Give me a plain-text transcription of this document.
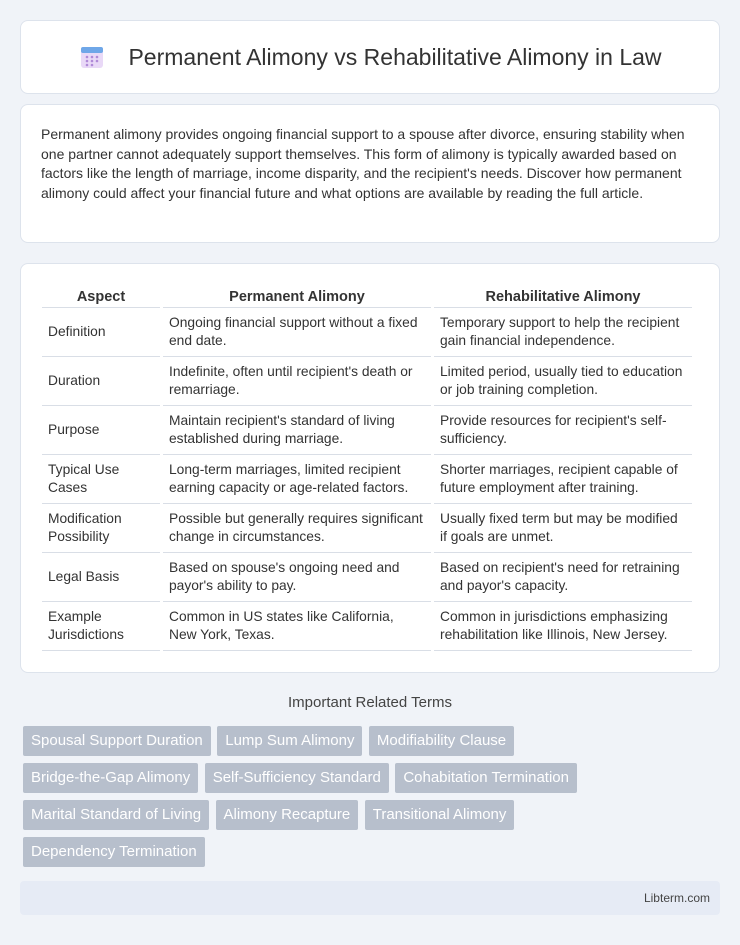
Permanent Alimony vs Rehabilitative Alimony in Law

Permanent alimony provides ongoing financial support to a spouse after divorce, ensuring stability when one partner cannot adequately support themselves. This form of alimony is typically awarded based on factors like the length of marriage, income disparity, and the recipient's needs. Discover how permanent alimony could affect your financial future and what options are available by reading the full article.

Aspect	Permanent Alimony	Rehabilitative Alimony
Definition	Ongoing financial support without a fixed end date.	Temporary support to help the recipient gain financial independence.
Duration	Indefinite, often until recipient's death or remarriage.	Limited period, usually tied to education or job training completion.
Purpose	Maintain recipient's standard of living established during marriage.	Provide resources for recipient's self-sufficiency.
Typical Use Cases	Long-term marriages, limited recipient earning capacity or age-related factors.	Shorter marriages, recipient capable of future employment after training.
Modification Possibility	Possible but generally requires significant change in circumstances.	Usually fixed term but may be modified if goals are unmet.
Legal Basis	Based on spouse's ongoing need and payor's ability to pay.	Based on recipient's need for retraining and payor's capacity.
Example Jurisdictions	Common in US states like California, New York, Texas.	Common in jurisdictions emphasizing rehabilitation like Illinois, New Jersey.
Important Related Terms
Spousal Support Duration Lump Sum Alimony Modifiability Clause
Bridge-the-Gap Alimony Self-Sufficiency Standard Cohabitation Termination
Marital Standard of Living Alimony Recapture Transitional Alimony
Dependency Termination
Libterm.com
